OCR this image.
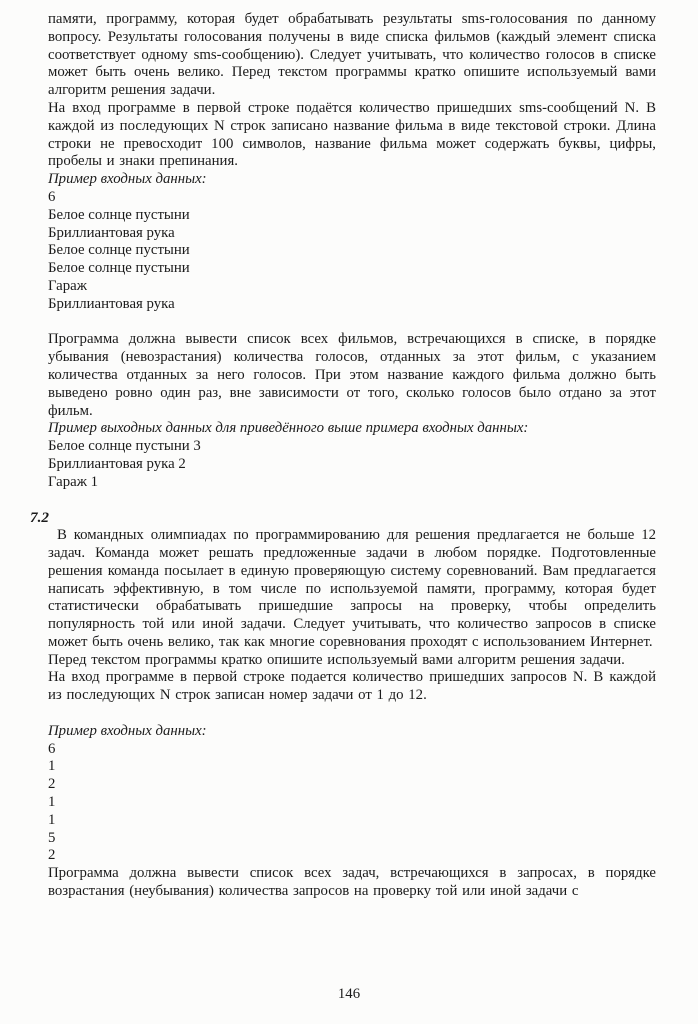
памяти, программу, которая будет обрабатывать результаты sms-голосования по данному вопросу. Результаты голосования получены в виде списка фильмов (каждый элемент списка соответствует одному sms-сообщению). Следует учитывать, что количество голосов в списке может быть очень велико. Перед текстом программы кратко опишите используемый вами алгоритм решения задачи.

На вход программе в первой строке подаётся количество пришедших sms-сообщений N. В каждой из последующих N строк записано название фильма в виде текстовой строки. Длина строки не превосходит 100 символов, название фильма может содержать буквы, цифры, пробелы и знаки препинания.

Пример входных данных:

6
Белое солнце пустыни
Бриллиантовая рука
Белое солнце пустыни
Белое солнце пустыни
Гараж
Бриллиантовая рука

Программа должна вывести список всех фильмов, встречающихся в списке, в порядке убывания (невозрастания) количества голосов, отданных за этот фильм, с указанием количества отданных за него голосов. При этом название каждого фильма должно быть выведено ровно один раз, вне зависимости от того, сколько голосов было отдано за этот фильм.

Пример выходных данных для приведённого выше примера входных данных:

Белое солнце пустыни 3
Бриллиантовая рука 2
Гараж 1

7.2

В командных олимпиадах по программированию для решения предлагается не больше 12 задач. Команда может решать предложенные задачи в любом порядке. Подготовленные решения команда посылает в единую проверяющую систему соревнований. Вам предлагается написать эффективную, в том числе по используемой памяти, программу, которая будет статистически обрабатывать пришедшие запросы на проверку, чтобы определить популярность той или иной задачи. Следует учитывать, что количество запросов в списке может быть очень велико, так как многие соревнования проходят с использованием Интернет.

Перед текстом программы кратко опишите используемый вами алгоритм решения задачи.

На вход программе в первой строке подается количество пришедших запросов N. В каждой из последующих N строк записан номер задачи от 1 до 12.

Пример входных данных:

6
1
2
1
1
5
2

Программа должна вывести список всех задач, встречающихся в запросах, в порядке возрастания (неубывания) количества запросов на проверку той или иной задачи с

146
